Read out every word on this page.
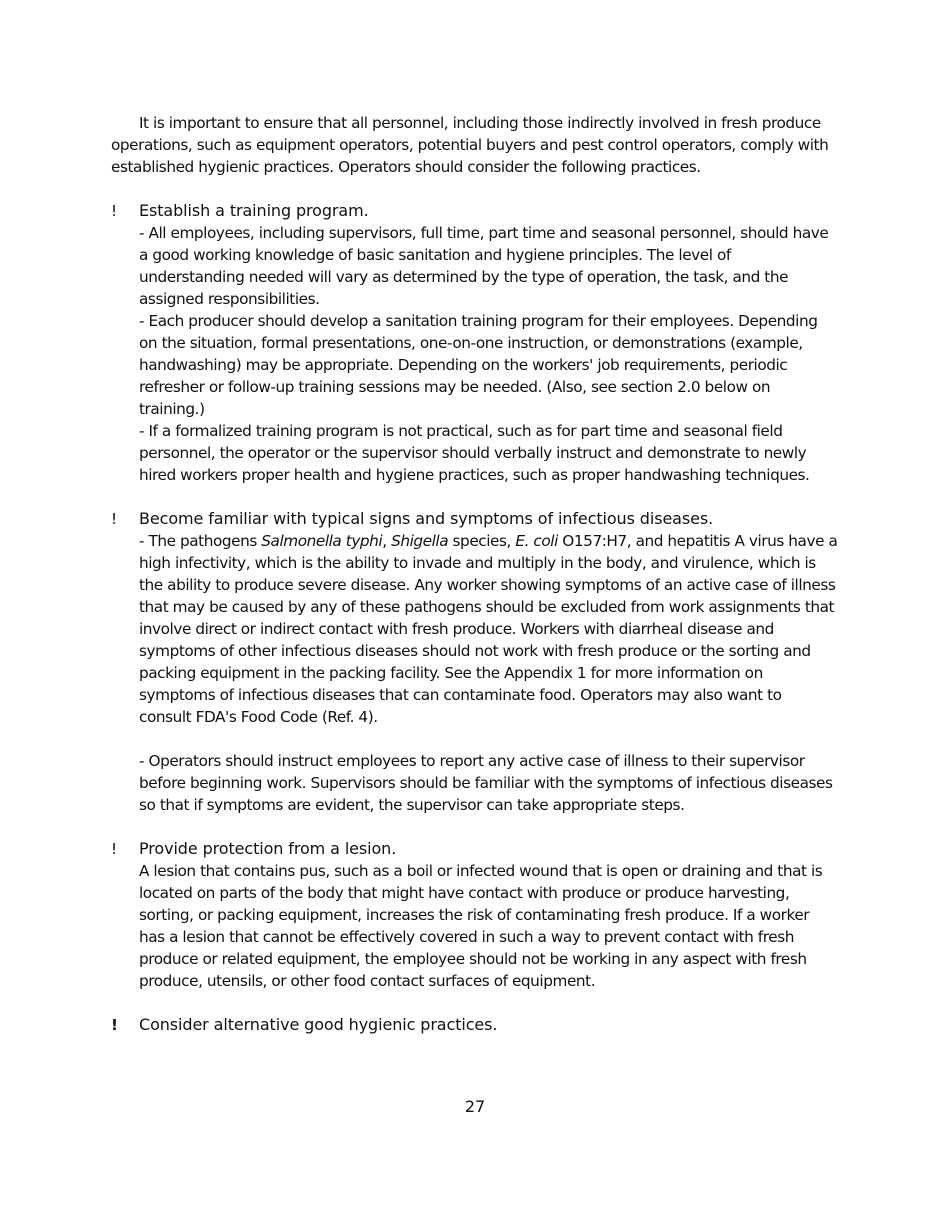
It is important to ensure that all personnel, including those indirectly involved in fresh produce operations, such as equipment operators, potential buyers and pest control operators, comply with established hygienic practices. Operators should consider the following practices.

! Establish a training program.

- All employees, including supervisors, full time, part time and seasonal personnel, should have a good working knowledge of basic sanitation and hygiene principles. The level of understanding needed will vary as determined by the type of operation, the task, and the assigned responsibilities.

- Each producer should develop a sanitation training program for their employees. Depending on the situation, formal presentations, one-on-one instruction, or demonstrations (example, handwashing) may be appropriate. Depending on the workers' job requirements, periodic refresher or follow-up training sessions may be needed. (Also, see section 2.0 below on training.)

- If a formalized training program is not practical, such as for part time and seasonal field personnel, the operator or the supervisor should verbally instruct and demonstrate to newly hired workers proper health and hygiene practices, such as proper handwashing techniques.

! Become familiar with typical signs and symptoms of infectious diseases.

- The pathogens Salmonella typhi, Shigella species, E. coli O157:H7, and hepatitis A virus have a high infectivity, which is the ability to invade and multiply in the body, and virulence, which is the ability to produce severe disease. Any worker showing symptoms of an active case of illness that may be caused by any of these pathogens should be excluded from work assignments that involve direct or indirect contact with fresh produce. Workers with diarrheal disease and symptoms of other infectious diseases should not work with fresh produce or the sorting and packing equipment in the packing facility. See the Appendix 1 for more information on symptoms of infectious diseases that can contaminate food. Operators may also want to consult FDA's Food Code (Ref. 4).

- Operators should instruct employees to report any active case of illness to their supervisor before beginning work. Supervisors should be familiar with the symptoms of infectious diseases so that if symptoms are evident, the supervisor can take appropriate steps.

! Provide protection from a lesion.

A lesion that contains pus, such as a boil or infected wound that is open or draining and that is located on parts of the body that might have contact with produce or produce harvesting, sorting, or packing equipment, increases the risk of contaminating fresh produce. If a worker has a lesion that cannot be effectively covered in such a way to prevent contact with fresh produce or related equipment, the employee should not be working in any aspect with fresh produce, utensils, or other food contact surfaces of equipment.

! Consider alternative good hygienic practices.
27
